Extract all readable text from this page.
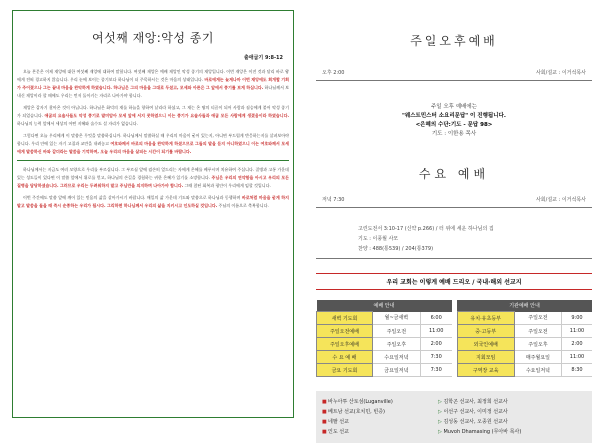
여섯째 재앙:악성 종기
출애굽기 9:8-12

오늘 본문은 이제 재앙에 대한 여섯째 재앙에 대하여 말합니다. 여섯째 재앙은 예배 재앙인 악성 종기의 재앙입니다. 이번 재앙은 이전 것과 달리 바로 왕에게 전혀 경고하지 않습니다. 우리 눈에 보이는 종기보다 하나님이 더 주목하시는 것은 마음의 상태입니다. 바로에게는 늦게나마 이번 재앙에도 회개할 기회가 주어졌으나 그는 끝내 마음을 완악하게 하였습니다. 하나님은 그의 마음을 그대로 두셨고, 모세와 아론은 그 앞에서 종기를 보게 하십니다. 하나님께서 보내신 재앙이라 할 때에도 우리는 먼저 돌이키는 자리로 나아가야 합니다.

재앙은 갑자기 찾아온 것이 아닙니다. 하나님은 화덕의 재를 하늘을 향하여 날리라 하셨고, 그 재는 온 땅의 티끌이 되어 사람과 짐승에게 붙어 악성 종기가 되었습니다. 애굽의 요술사들도 악성 종기로 말미암아 모세 앞에 서지 못하였으니 이는 종기가 요술사들과 애굽 모든 사람에게 생겼음이라 하였습니다. 하나님의 능력 앞에서 세상의 어떤 지혜와 술수도 설 자리가 없습니다.

그렇다면 오늘 우리에게 이 말씀은 무엇을 말씀하십니까. 하나님께서 말씀하실 때 우리의 마음이 굳어 있는지, 아니면 부드럽게 반응하는지를 살펴보아야 합니다. 우리 안에 있는 자기 고집과 교만을 내려놓고 여호와께서 바로의 마음을 완악하게 하셨으므로 그들의 말을 듣지 아니하였으니 이는 여호와께서 모세에게 말씀하신 바와 같더라는 말씀을 기억하며, 오늘 우리의 마음을 살피는 시간이 되기를 바랍니다.

하나님께서는 지금도 여러 모양으로 우리를 부르십니다. 그 부르심 앞에 겸손히 엎드리는 자에게 은혜를 베푸시며 치유하여 주십니다. 질병과 고통 가운데 있는 성도들이 있다면 이 말씀 앞에서 위로를 얻고, 하나님의 손길을 경험하는 귀한 은혜가 있기를 소망합니다. 주님은 우리의 연약함을 아시고 우리의 모든 질병을 담당하셨습니다. 그러므로 우리는 두려워하지 말고 주님만을 의지하며 나아가야 합니다. 그때 참된 회복과 평안이 우리에게 임할 것입니다.

이번 주간에도 말씀 앞에 깨어 있는 믿음의 삶을 살아가시기 바랍니다. 매일의 삶 가운데 기도와 말씀으로 하나님과 동행하며 바로처럼 마음을 굳게 하지 말고 말씀을 들을 때 즉시 순종하는 우리가 됩시다. 그리하면 하나님께서 우리의 삶을 지키시고 인도하실 것입니다. 주님의 이름으로 축복합니다.

주일오후예배
오후 2:00	사회/설교 : 이거석목사
주일 오후 예배에는
"웨스트민스터 소요리문답" 이 진행됩니다.
<은혜의 수단:기도 - 문답 98>
기도 : 이한용 목사
수요 예배
저녁 7:30	사회/설교 : 이거석목사
고린도전서 3:10-17 (신약 p.266) / 터 위에 세운 하나님의 집
기도 : 이풍월 사모
찬양 : 488(통539) / 204(통379)
우리 교회는 이렇게 예배 드리오 / 국내·해외 선교지
예배 안내		
새벽 기도회	월~금새벽	6:00
주일오전예배	주일오전	11:00
주일오후예배	주일오후	2:00
수 요 예 배	수요일저녁	7:30
금요 기도회	금요일저녁	7:30
기관예배 안내		
유치·유초등부	주일오전	9:00
중·고등부	주일오전	11:00
외국인예배	주일오후	2:00
지회모임	매주월요일	11:00
구역장 교육	수요일저녁	8:30
■ 바누아투 산토섬(Luganville)	▷ 김학곤 선교사, 최정희 선교사
■ 베트남 선교(호치민, 빈증)	▷ 이선구 선교사, 이미정 선교사
■ 네팔 선교	▷ 김성동 선교사, 오종원 선교사
■ 인도 선교	▷ Muvoh Dhamasing (무아바 목사)
